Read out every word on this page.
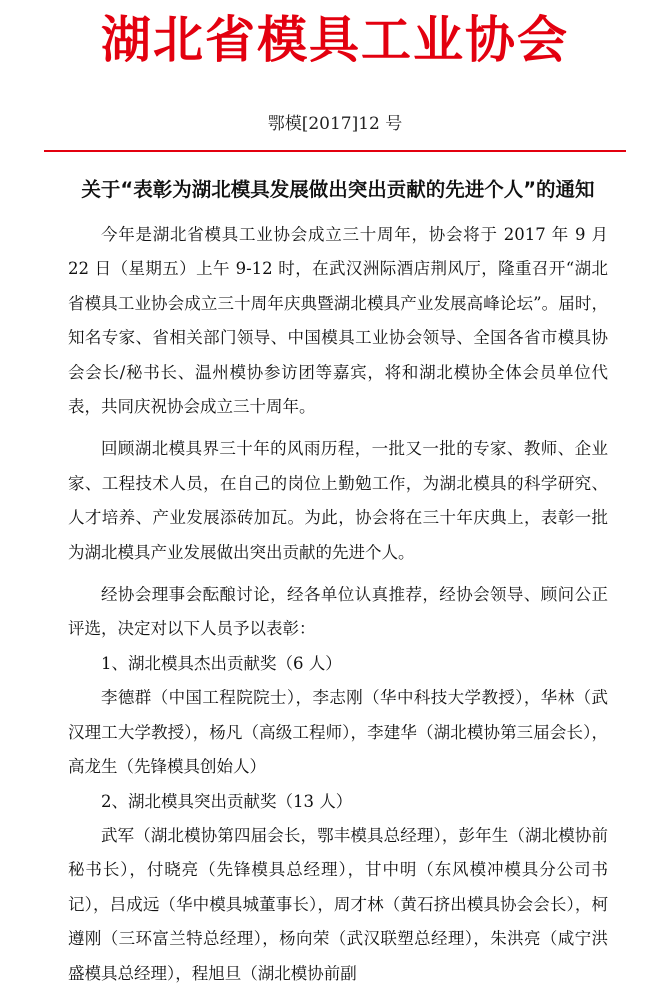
湖北省模具工业协会
鄂模[2017]12 号
关于“表彰为湖北模具发展做出突出贡献的先进个人”的通知

今年是湖北省模具工业协会成立三十周年，协会将于 2017 年 9 月 22 日（星期五）上午 9-12 时，在武汉洲际酒店荆风厅，隆重召开“湖北省模具工业协会成立三十周年庆典暨湖北模具产业发展高峰论坛”。届时，知名专家、省相关部门领导、中国模具工业协会领导、全国各省市模具协会会长/秘书长、温州模协参访团等嘉宾，将和湖北模协全体会员单位代表，共同庆祝协会成立三十周年。

回顾湖北模具界三十年的风雨历程，一批又一批的专家、教师、企业家、工程技术人员，在自己的岗位上勤勉工作，为湖北模具的科学研究、人才培养、产业发展添砖加瓦。为此，协会将在三十年庆典上，表彰一批为湖北模具产业发展做出突出贡献的先进个人。

经协会理事会酝酿讨论，经各单位认真推荐，经协会领导、顾问公正评选，决定对以下人员予以表彰：

1、湖北模具杰出贡献奖（6 人）

李德群（中国工程院院士），李志刚（华中科技大学教授），华林（武汉理工大学教授），杨凡（高级工程师），李建华（湖北模协第三届会长），高龙生（先锋模具创始人）

2、湖北模具突出贡献奖（13 人）

武军（湖北模协第四届会长，鄂丰模具总经理），彭年生（湖北模协前秘书长），付晓亮（先锋模具总经理），甘中明（东风模冲模具分公司书记），吕成远（华中模具城董事长），周才林（黄石挤出模具协会会长），柯遵刚（三环富兰特总经理），杨向荣（武汉联塑总经理），朱洪亮（咸宁洪盛模具总经理），程旭旦（湖北模协前副
